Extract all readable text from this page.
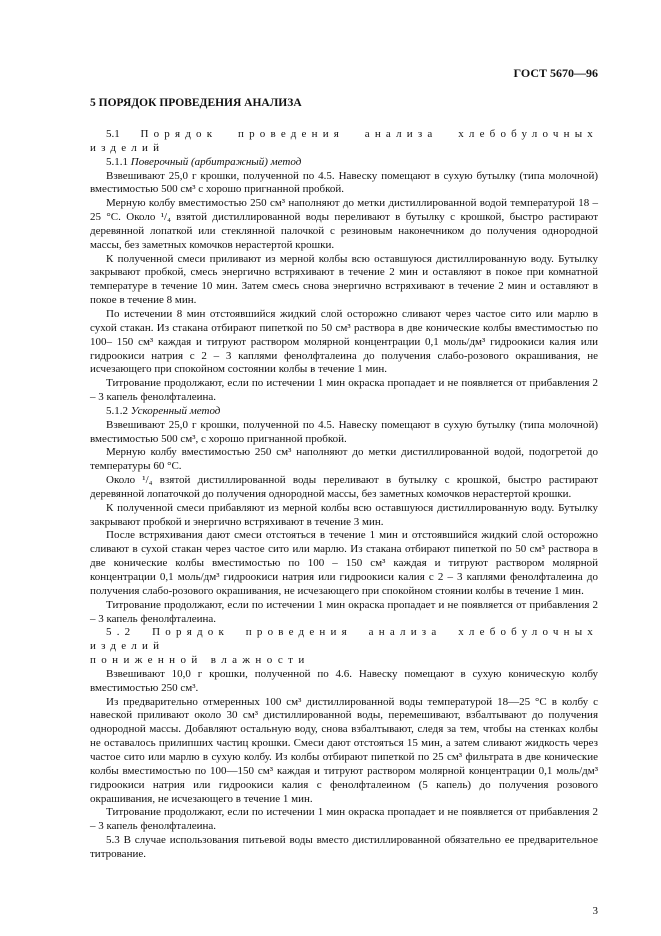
ГОСТ 5670—96
5 ПОРЯДОК ПРОВЕДЕНИЯ АНАЛИЗА

5.1 Порядок проведения анализа хлебобулочных изделий

5.1.1 Поверочный (арбитражный) метод

Взвешивают 25,0 г крошки, полученной по 4.5. Навеску помещают в сухую бутылку (типа молочной) вместимостью 500 см³ с хорошо пригнанной пробкой.

Мерную колбу вместимостью 250 см³ наполняют до метки дистиллированной водой температурой 18 – 25 °С. Около ¹/₄ взятой дистиллированной воды переливают в бутылку с крошкой, быстро растирают деревянной лопаткой или стеклянной палочкой с резиновым наконечником до получения однородной массы, без заметных комочков нерастертой крошки.

К полученной смеси приливают из мерной колбы всю оставшуюся дистиллированную воду. Бутылку закрывают пробкой, смесь энергично встряхивают в течение 2 мин и оставляют в покое при комнатной температуре в течение 10 мин. Затем смесь снова энергично встряхивают в течение 2 мин и оставляют в покое в течение 8 мин.

По истечении 8 мин отстоявшийся жидкий слой осторожно сливают через частое сито или марлю в сухой стакан. Из стакана отбирают пипеткой по 50 см³ раствора в две конические колбы вместимостью по 100– 150 см³ каждая и титруют раствором молярной концентрации 0,1 моль/дм³ гидроокиси калия или гидроокиси натрия с 2 – 3 каплями фенолфталеина до получения слабо-розового окрашивания, не исчезающего при спокойном состоянии колбы в течение 1 мин.

Титрование продолжают, если по истечении 1 мин окраска пропадает и не появляется от прибавления 2 – 3 капель фенолфталеина.

5.1.2 Ускоренный метод

Взвешивают 25,0 г крошки, полученной по 4.5. Навеску помещают в сухую бутылку (типа молочной) вместимостью 500 см³, с хорошо пригнанной пробкой.

Мерную колбу вместимостью 250 см³ наполняют до метки дистиллированной водой, подогретой до температуры 60 °С.

Около ¹/₄ взятой дистиллированной воды переливают в бутылку с крошкой, быстро растирают деревянной лопаточкой до получения однородной массы, без заметных комочков нерастертой крошки.

К полученной смеси прибавляют из мерной колбы всю оставшуюся дистиллированную воду. Бутылку закрывают пробкой и энергично встряхивают в течение 3 мин.

После встряхивания дают смеси отстояться в течение 1 мин и отстоявшийся жидкий слой осторожно сливают в сухой стакан через частое сито или марлю. Из стакана отбирают пипеткой по 50 см³ раствора в две конические колбы вместимостью по 100 – 150 см³ каждая и титруют раствором молярной концентрации 0,1 моль/дм³ гидроокиси натрия или гидроокиси калия с 2 – 3 каплями фенолфталеина до получения слабо-розового окрашивания, не исчезающего при спокойном стоянии колбы в течение 1 мин.

Титрование продолжают, если по истечении 1 мин окраска пропадает и не появляется от прибавления 2 – 3 капель фенолфталеина.

5.2 Порядок проведения анализа хлебобулочных изделий

пониженной влажности

Взвешивают 10,0 г крошки, полученной по 4.6. Навеску помещают в сухую коническую колбу вместимостью 250 см³.

Из предварительно отмеренных 100 см³ дистиллированной воды температурой 18—25 °С в колбу с навеской приливают около 30 см³ дистиллированной воды, перемешивают, взбалтывают до получения однородной массы. Добавляют остальную воду, снова взбалтывают, следя за тем, чтобы на стенках колбы не оставалось прилипших частиц крошки. Смеси дают отстояться 15 мин, а затем сливают жидкость через частое сито или марлю в сухую колбу. Из колбы отбирают пипеткой по 25 см³ фильтрата в две конические колбы вместимостью по 100—150 см³ каждая и титруют раствором молярной концентрации 0,1 моль/дм³ гидроокиси натрия или гидроокиси калия с фенолфталеином (5 капель) до получения розового окрашивания, не исчезающего в течение 1 мин.

Титрование продолжают, если по истечении 1 мин окраска пропадает и не появляется от прибавления 2 – 3 капель фенолфталеина.

5.3 В случае использования питьевой воды вместо дистиллированной обязательно ее предварительное титрование.

3
